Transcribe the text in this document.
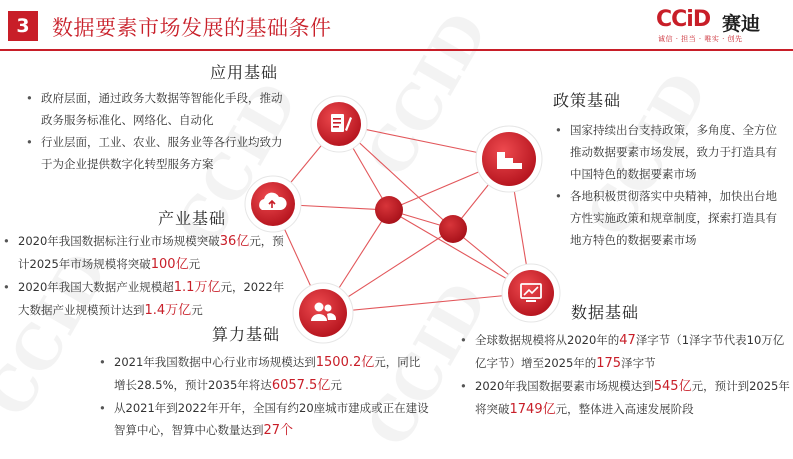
3	数据要素市场发展的基础条件	CCiD 赛迪
诚信 · 担当 · 唯实 · 创先
应用基础
• 政府层面，通过政务大数据等智能化手段，推动政务服务标准化、网络化、自动化
• 行业层面，工业、农业、服务业等各行业均致力于为企业提供数字化转型服务方案
政策基础
• 国家持续出台支持政策，多角度、全方位推动数据要素市场发展，致力于打造具有中国特色的数据要素市场
• 各地积极贯彻落实中央精神，加快出台地方性实施政策和规章制度，探索打造具有地方特色的数据要素市场
产业基础
• 2020年我国数据标注行业市场规模突破36亿元，预计2025年市场规模将突破100亿元
• 2020年我国大数据产业规模超1.1万亿元，2022年大数据产业规模预计达到1.4万亿元
算力基础
• 2021年我国数据中心行业市场规模达到1500.2亿元，同比增长28.5%，预计2035年将达6057.5亿元
• 从2021年到2022年开年，全国有约20座城市建成或正在建设智算中心，智算中心数量达到27个
数据基础
• 全球数据规模将从2020年的47泽字节（1泽字节代表10万亿亿字节）增至2025年的175泽字节
• 2020年我国数据要素市场规模达到545亿元，预计到2025年将突破1749亿元，整体进入高速发展阶段
